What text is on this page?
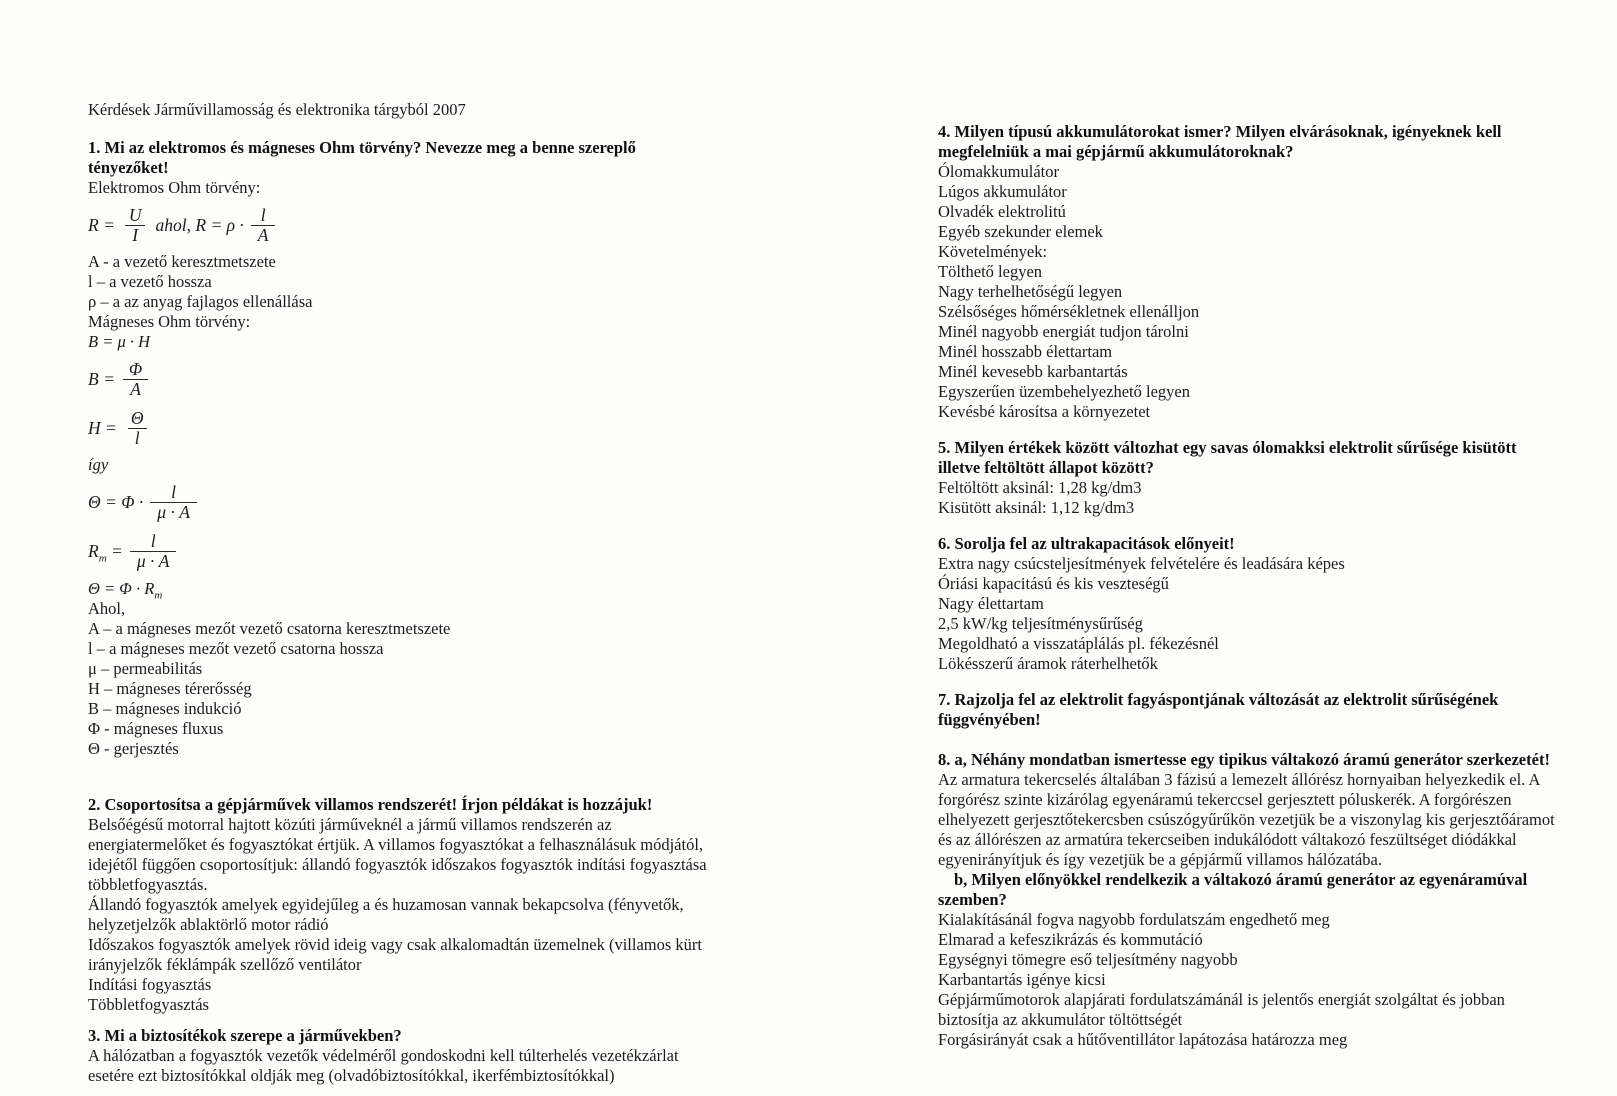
Kérdések Járművillamosság és elektronika tárgyból 2007
1. Mi az elektromos és mágneses Ohm törvény? Nevezze meg a benne szereplő
tényezőket!
Elektromos Ohm törvény:
$R = \frac{U}{I}$ ahol, $R = \rho \cdot \frac{l}{A}$
A - a vezető keresztmetszete
l – a vezető hossza
ρ – a az anyag fajlagos ellenállása
Mágneses Ohm törvény:
B = μ · H
$B = \frac{\Phi}{A}$
$H = \frac{\Theta}{l}$
így
$\Theta = \Phi \cdot \frac{l}{\mu \cdot A}$
$R_m = \frac{l}{\mu \cdot A}$
$\Theta = \Phi \cdot R_m$
Ahol,
A – a mágneses mezőt vezető csatorna keresztmetszete
l – a mágneses mezőt vezető csatorna hossza
μ – permeabilitás
H – mágneses térerősség
B – mágneses indukció
Φ - mágneses fluxus
Θ - gerjesztés
2. Csoportosítsa a gépjárművek villamos rendszerét! Írjon példákat is hozzájuk!
Belsőégésű motorral hajtott közúti járműveknél a jármű villamos rendszerén az
energiatermelőket és fogyasztókat értjük. A villamos fogyasztókat a felhasználásuk módjától,
idejétől függően csoportosítjuk: állandó fogyasztók időszakos fogyasztók indítási fogyasztása
többletfogyasztás.
Állandó fogyasztók amelyek egyidejűleg a és huzamosan vannak bekapcsolva (fényvetők,
helyzetjelzők ablaktörlő motor rádió
Időszakos fogyasztók amelyek rövid ideig vagy csak alkalomadtán üzemelnek (villamos kürt
irányjelzők féklámpák szellőző ventilátor
Indítási fogyasztás
Többletfogyasztás
3. Mi a biztosítékok szerepe a járművekben?
A hálózatban a fogyasztók vezetők védelméről gondoskodni kell túlterhelés vezetékzárlat
esetére ezt biztosítókkal oldják meg (olvadóbiztosítókkal, ikerfémbiztosítókkal)
4. Milyen típusú akkumulátorokat ismer? Milyen elvárásoknak, igényeknek kell
megfelelniük a mai gépjármű akkumulátoroknak?
Ólomakkumulátor
Lúgos akkumulátor
Olvadék elektrolitú
Egyéb szekunder elemek
Követelmények:
Tölthető legyen
Nagy terhelhetőségű legyen
Szélsőséges hőmérsékletnek ellenálljon
Minél nagyobb energiát tudjon tárolni
Minél hosszabb élettartam
Minél kevesebb karbantartás
Egyszerűen üzembehelyezhető legyen
Kevésbé károsítsa a környezetet
5. Milyen értékek között változhat egy savas ólomakksi elektrolit sűrűsége kisütött
illetve feltöltött állapot között?
Feltöltött aksinál: 1,28 kg/dm3
Kisütött aksinál: 1,12 kg/dm3
6. Sorolja fel az ultrakapacitások előnyeit!
Extra nagy csúcsteljesítmények felvételére és leadására képes
Óriási kapacitású és kis veszteségű
Nagy élettartam
2,5 kW/kg teljesítménysűrűség
Megoldható a visszatáplálás pl. fékezésnél
Lökésszerű áramok ráterhelhetők
7. Rajzolja fel az elektrolit fagyáspontjának változását az elektrolit sűrűségének
függvényében!
8. a, Néhány mondatban ismertesse egy tipikus váltakozó áramú generátor szerkezetét!
Az armatura tekercselés általában 3 fázisú a lemezelt állórész hornyaiban helyezkedik el. A
forgórész szinte kizárólag egyenáramú tekerccsel gerjesztett póluskerék. A forgórészen
elhelyezett gerjesztőtekercsben csúszógyűrűkön vezetjük be a viszonylag kis gerjesztőáramot
és az állórészen az armatúra tekercseiben indukálódott váltakozó feszültséget diódákkal
egyenirányítjuk és így vezetjük be a gépjármű villamos hálózatába.
b, Milyen előnyökkel rendelkezik a váltakozó áramú generátor az egyenáramúval
szemben?
Kialakításánál fogva nagyobb fordulatszám engedhető meg
Elmarad a kefeszikrázás és kommutáció
Egységnyi tömegre eső teljesítmény nagyobb
Karbantartás igénye kicsi
Gépjárműmotorok alapjárati fordulatszámánál is jelentős energiát szolgáltat és jobban
biztosítja az akkumulátor töltöttségét
Forgásirányát csak a hűtőventillátor lapátozása határozza meg
